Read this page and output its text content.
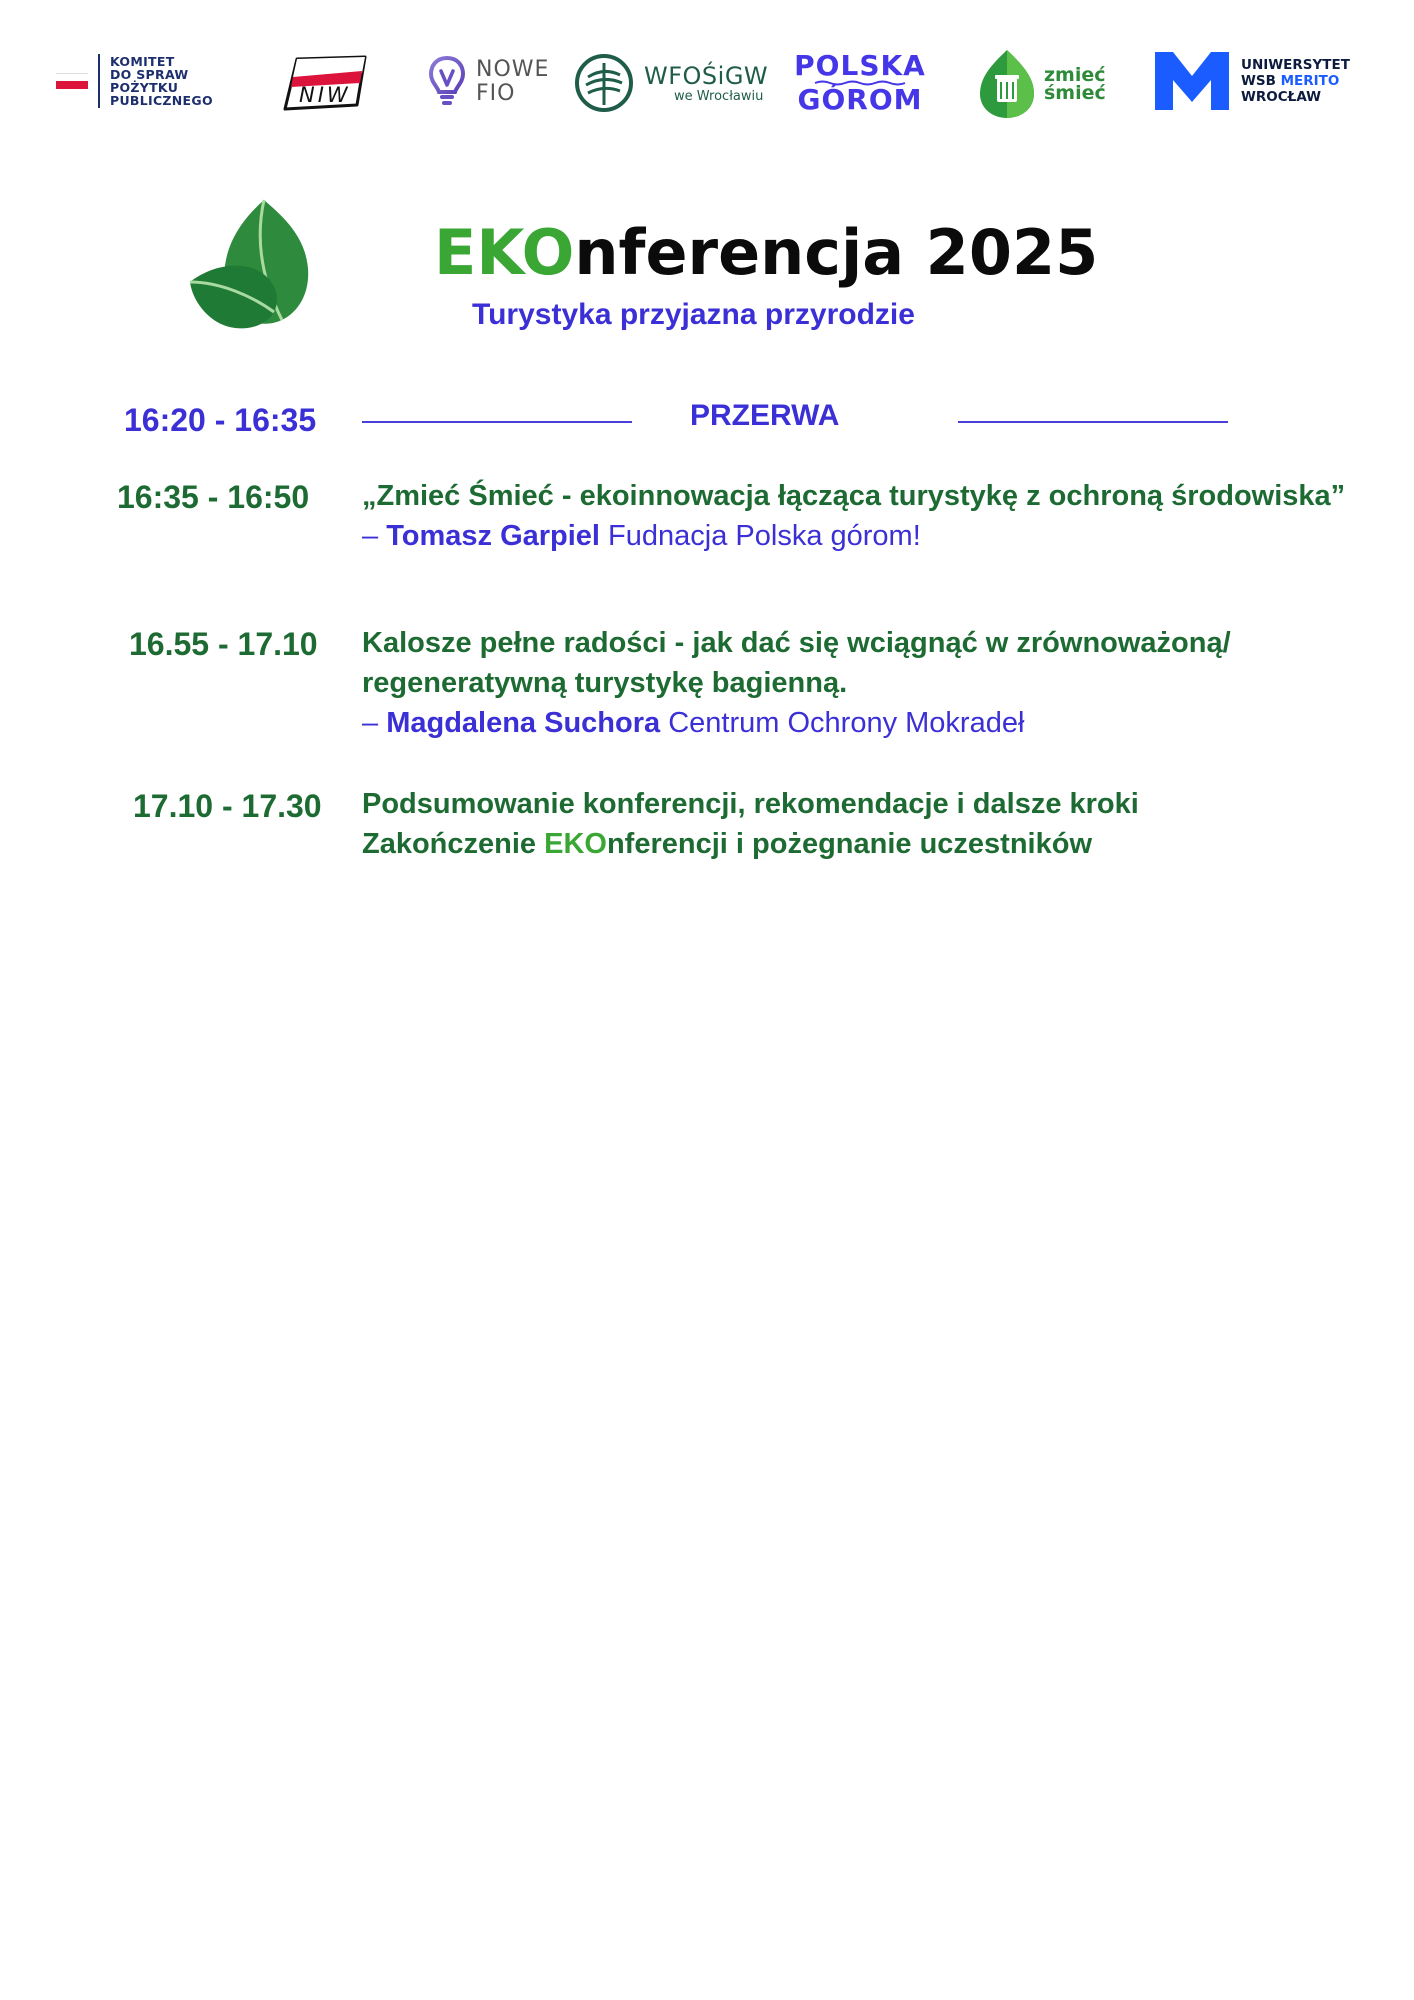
KOMITET
DO SPRAW
POŻYTKU
PUBLICZNEGO	NIW
NOWE
FIO
WFOŚiGW
we Wrocławiu
POLSKA
GÓROM
zmieć
śmieć
UNIWERSYTET
WSB MERITO
WROCŁAW
EKOnferencja 2025
Turystyka przyjazna przyrodzie
16:20 - 16:35	PRZERWA
16:35 - 16:50 „Zmieć Śmieć - ekoinnowacja łącząca turystykę z ochroną środowiska”
– Tomasz Garpiel Fudnacja Polska górom!
16.55 - 17.10 Kalosze pełne radości - jak dać się wciągnąć w zrównoważoną/ regeneratywną turystykę bagienną.
– Magdalena Suchora Centrum Ochrony Mokradeł
17.10 - 17.30 Podsumowanie konferencji, rekomendacje i dalsze kroki
Zakończenie EKOnferencji i pożegnanie uczestników
